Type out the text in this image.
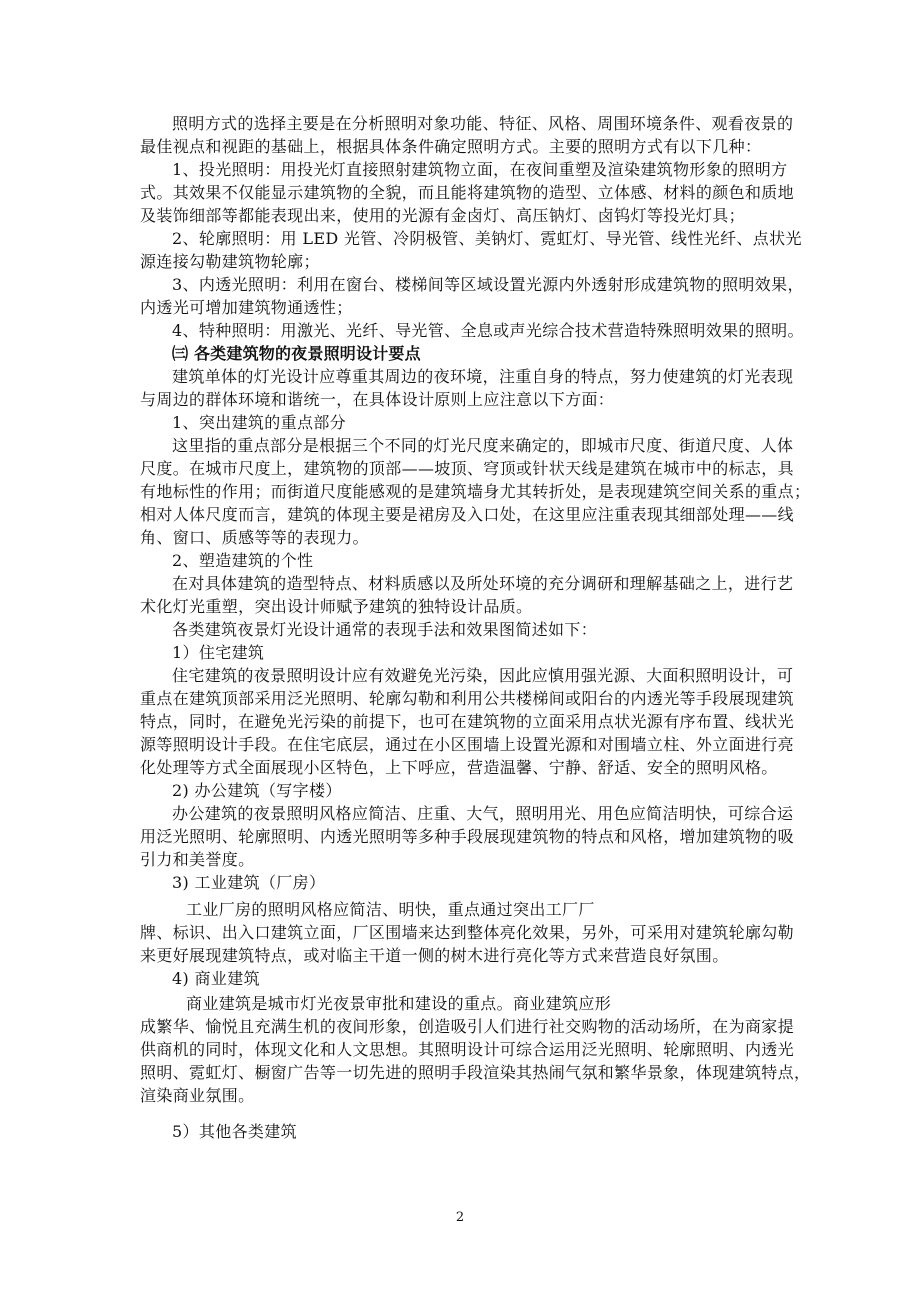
照明方式的选择主要是在分析照明对象功能、特征、风格、周围环境条件、观看夜景的
最佳视点和视距的基础上，根据具体条件确定照明方式。主要的照明方式有以下几种：
1、投光照明：用投光灯直接照射建筑物立面，在夜间重塑及渲染建筑物形象的照明方
式。其效果不仅能显示建筑物的全貌，而且能将建筑物的造型、立体感、材料的颜色和质地
及装饰细部等都能表现出来，使用的光源有金卤灯、高压钠灯、卤钨灯等投光灯具；
2、轮廓照明：用 LED 光管、冷阴极管、美钠灯、霓虹灯、导光管、线性光纤、点状光
源连接勾勒建筑物轮廓；
3、内透光照明：利用在窗台、楼梯间等区域设置光源内外透射形成建筑物的照明效果，
内透光可增加建筑物通透性；
4、特种照明：用激光、光纤、导光管、全息或声光综合技术营造特殊照明效果的照明。
㈢ 各类建筑物的夜景照明设计要点
建筑单体的灯光设计应尊重其周边的夜环境，注重自身的特点，努力使建筑的灯光表现
与周边的群体环境和谐统一，在具体设计原则上应注意以下方面：
1、突出建筑的重点部分
这里指的重点部分是根据三个不同的灯光尺度来确定的，即城市尺度、街道尺度、人体
尺度。在城市尺度上，建筑物的顶部——坡顶、穹顶或针状天线是建筑在城市中的标志，具
有地标性的作用；而街道尺度能感观的是建筑墙身尤其转折处，是表现建筑空间关系的重点；
相对人体尺度而言，建筑的体现主要是裙房及入口处，在这里应注重表现其细部处理——线
角、窗口、质感等等的表现力。
2、塑造建筑的个性
在对具体建筑的造型特点、材料质感以及所处环境的充分调研和理解基础之上，进行艺
术化灯光重塑，突出设计师赋予建筑的独特设计品质。
各类建筑夜景灯光设计通常的表现手法和效果图简述如下：
1）住宅建筑
住宅建筑的夜景照明设计应有效避免光污染，因此应慎用强光源、大面积照明设计，可
重点在建筑顶部采用泛光照明、轮廓勾勒和利用公共楼梯间或阳台的内透光等手段展现建筑
特点，同时，在避免光污染的前提下，也可在建筑物的立面采用点状光源有序布置、线状光
源等照明设计手段。在住宅底层，通过在小区围墙上设置光源和对围墙立柱、外立面进行亮
化处理等方式全面展现小区特色，上下呼应，营造温馨、宁静、舒适、安全的照明风格。
2) 办公建筑（写字楼）
办公建筑的夜景照明风格应简洁、庄重、大气，照明用光、用色应简洁明快，可综合运
用泛光照明、轮廓照明、内透光照明等多种手段展现建筑物的特点和风格，增加建筑物的吸
引力和美誉度。
3) 工业建筑（厂房）
工业厂房的照明风格应简洁、明快，重点通过突出工厂厂
牌、标识、出入口建筑立面，厂区围墙来达到整体亮化效果，另外，可采用对建筑轮廓勾勒
来更好展现建筑特点，或对临主干道一侧的树木进行亮化等方式来营造良好氛围。
4) 商业建筑
商业建筑是城市灯光夜景审批和建设的重点。商业建筑应形
成繁华、愉悦且充满生机的夜间形象，创造吸引人们进行社交购物的活动场所，在为商家提
供商机的同时，体现文化和人文思想。其照明设计可综合运用泛光照明、轮廓照明、内透光
照明、霓虹灯、橱窗广告等一切先进的照明手段渲染其热闹气氛和繁华景象，体现建筑特点，
渲染商业氛围。
5）其他各类建筑
2
